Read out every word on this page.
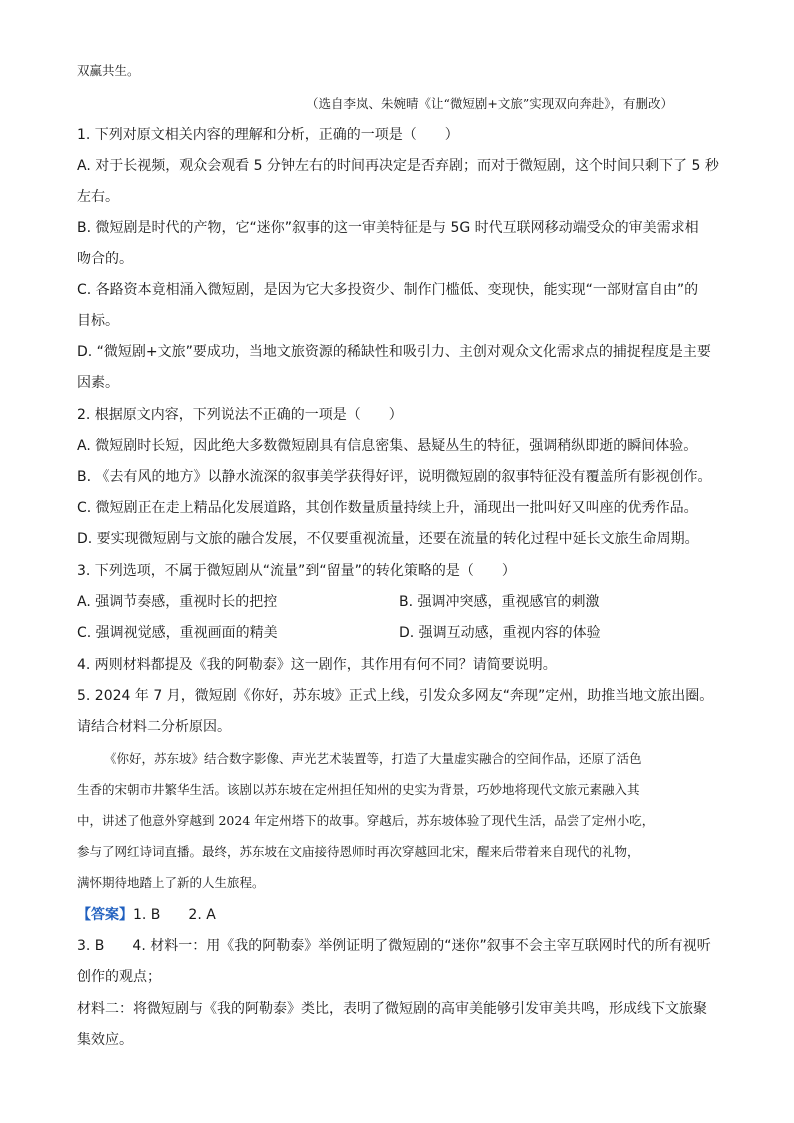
双赢共生。
（选自李岚、朱婉晴《让“微短剧+文旅”实现双向奔赴》，有删改）
1. 下列对原文相关内容的理解和分析，正确的一项是（　　）
A. 对于长视频，观众会观看 5 分钟左右的时间再决定是否弃剧；而对于微短剧，这个时间只剩下了 5 秒
左右。
B. 微短剧是时代的产物，它“迷你”叙事的这一审美特征是与 5G 时代互联网移动端受众的审美需求相
吻合的。
C. 各路资本竟相涌入微短剧，是因为它大多投资少、制作门槛低、变现快，能实现“一部财富自由”的
目标。
D. “微短剧+文旅”要成功，当地文旅资源的稀缺性和吸引力、主创对观众文化需求点的捕捉程度是主要
因素。
2. 根据原文内容，下列说法不正确的一项是（　　）
A. 微短剧时长短，因此绝大多数微短剧具有信息密集、悬疑丛生的特征，强调稍纵即逝的瞬间体验。
B. 《去有风的地方》以静水流深的叙事美学获得好评，说明微短剧的叙事特征没有覆盖所有影视创作。
C. 微短剧正在走上精品化发展道路，其创作数量质量持续上升，涌现出一批叫好又叫座的优秀作品。
D. 要实现微短剧与文旅的融合发展，不仅要重视流量，还要在流量的转化过程中延长文旅生命周期。
3. 下列选项，不属于微短剧从“流量”到“留量”的转化策略的是（　　）
A. 强调节奏感，重视时长的把控	B. 强调冲突感，重视感官的刺激
C. 强调视觉感，重视画面的精美	D. 强调互动感，重视内容的体验
4. 两则材料都提及《我的阿勒泰》这一剧作，其作用有何不同？请简要说明。
5. 2024 年 7 月，微短剧《你好，苏东坡》正式上线，引发众多网友“奔现”定州，助推当地文旅出圈。
请结合材料二分析原因。
《你好，苏东坡》结合数字影像、声光艺术装置等，打造了大量虚实融合的空间作品，还原了活色
生香的宋朝市井繁华生活。该剧以苏东坡在定州担任知州的史实为背景，巧妙地将现代文旅元素融入其
中，讲述了他意外穿越到 2024 年定州塔下的故事。穿越后，苏东坡体验了现代生活，品尝了定州小吃，
参与了网红诗词直播。最终，苏东坡在文庙接待恩师时再次穿越回北宋，醒来后带着来自现代的礼物，
满怀期待地踏上了新的人生旅程。
【答案】1. B　　2. A
3. B　　4. 材料一：用《我的阿勒泰》举例证明了微短剧的“迷你”叙事不会主宰互联网时代的所有视听
创作的观点；
材料二：将微短剧与《我的阿勒泰》类比，表明了微短剧的高审美能够引发审美共鸣，形成线下文旅聚
集效应。
